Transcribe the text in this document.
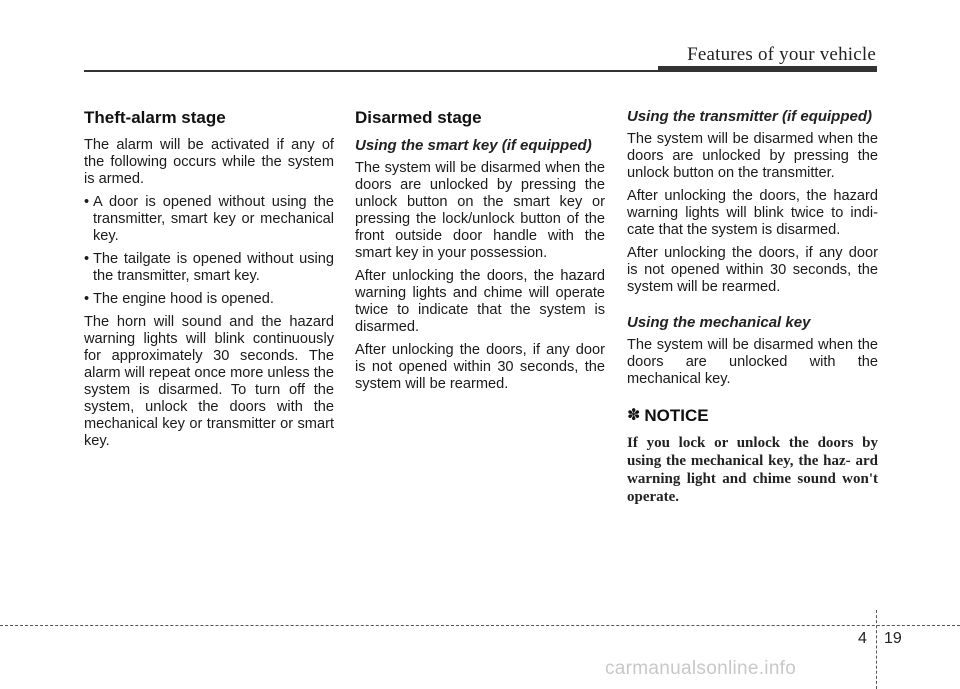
Features of your vehicle
Theft-alarm stage

The alarm will be activated if any of the following occurs while the system is armed.

• A door is opened without using the transmitter, smart key or mechanical key.
• The tailgate is opened without using the transmitter, smart key.
• The engine hood is opened.

The horn will sound and the hazard warning lights will blink continuously for approximately 30 seconds. The alarm will repeat once more unless the system is disarmed. To turn off the system, unlock the doors with the mechanical key or transmitter or smart key.

Disarmed stage
Using the smart key (if equipped)

The system will be disarmed when the doors are unlocked by pressing the unlock button on the smart key or pressing the lock/unlock button of the front outside door handle with the smart key in your possession.

After unlocking the doors, the hazard warning lights and chime will operate twice to indicate that the system is disarmed.

After unlocking the doors, if any door is not opened within 30 seconds, the system will be rearmed.

Using the transmitter (if equipped)

The system will be disarmed when the doors are unlocked by pressing the unlock button on the transmitter.

After unlocking the doors, the hazard warning lights will blink twice to indi- cate that the system is disarmed.

After unlocking the doors, if any door is not opened within 30 seconds, the system will be rearmed.

Using the mechanical key

The system will be disarmed when the doors are unlocked with the mechanical key.

✽ NOTICE

If you lock or unlock the doors by using the mechanical key, the haz- ard warning light and chime sound won't operate.

4 19
carmanualsonline.info
